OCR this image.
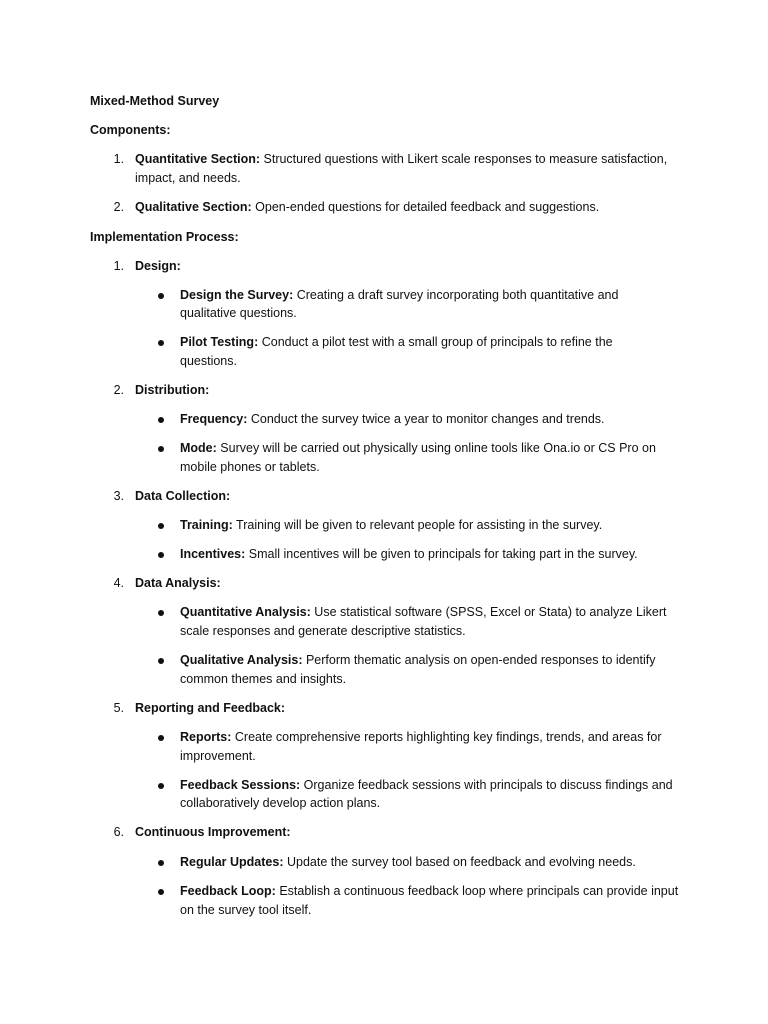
Mixed-Method Survey
Components:
1. Quantitative Section: Structured questions with Likert scale responses to measure satisfaction,
impact, and needs.
2. Qualitative Section: Open-ended questions for detailed feedback and suggestions.
Implementation Process:
1. Design:
Design the Survey: Creating a draft survey incorporating both quantitative and
qualitative questions.
Pilot Testing: Conduct a pilot test with a small group of principals to refine the
questions.
2. Distribution:
Frequency: Conduct the survey twice a year to monitor changes and trends.
Mode: Survey will be carried out physically using online tools like Ona.io or CS Pro on
mobile phones or tablets.
3. Data Collection:
Training: Training will be given to relevant people for assisting in the survey.
Incentives: Small incentives will be given to principals for taking part in the survey.
4. Data Analysis:
Quantitative Analysis: Use statistical software (SPSS, Excel or Stata) to analyze Likert
scale responses and generate descriptive statistics.
Qualitative Analysis: Perform thematic analysis on open-ended responses to identify
common themes and insights.
5. Reporting and Feedback:
Reports: Create comprehensive reports highlighting key findings, trends, and areas for
improvement.
Feedback Sessions: Organize feedback sessions with principals to discuss findings and
collaboratively develop action plans.
6. Continuous Improvement:
Regular Updates: Update the survey tool based on feedback and evolving needs.
Feedback Loop: Establish a continuous feedback loop where principals can provide input
on the survey tool itself.
